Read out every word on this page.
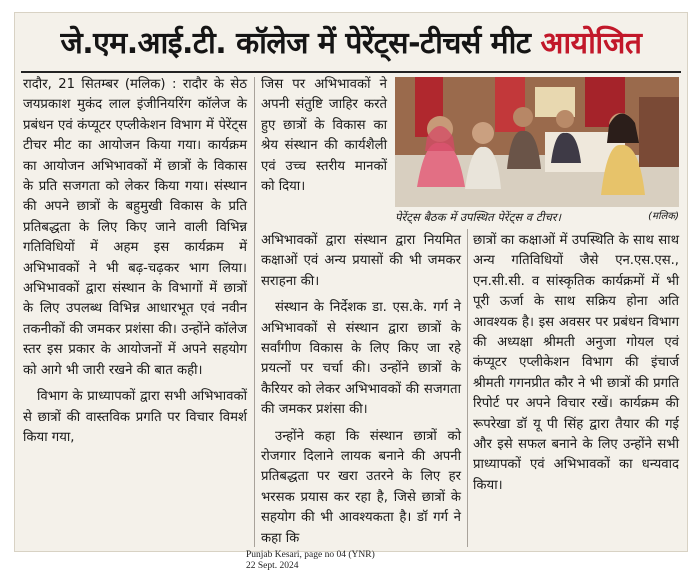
जे.एम.आई.टी. कॉलेज में पेरेंट्स-टीचर्स मीट आयोजित

रादौर, 21 सितम्बर (मलिक) : रादौर के सेठ जयप्रकाश मुकंद लाल इंजीनियरिंग कॉलेज के प्रबंधन एवं कंप्यूटर एप्लीकेशन विभाग में पेरेंट्स टीचर मीट का आयोजन किया गया। कार्यक्रम का आयोजन अभिभावकों में छात्रों के विकास के प्रति सजगता को लेकर किया गया। संस्थान की अपने छात्रों के बहुमुखी विकास के प्रति प्रतिबद्धता के लिए किए जाने वाली विभिन्न गतिविधियों में अहम इस कार्यक्रम में अभिभावकों ने भी बढ़-चढ़कर भाग लिया। अभिभावकों द्वारा संस्थान के विभागों में छात्रों के लिए उपलब्ध विभिन्न आधारभूत एवं नवीन तकनीकों की जमकर प्रशंसा की। उन्होंने कॉलेज स्तर इस प्रकार के आयोजनों में अपने सहयोग को आगे भी जारी रखने की बात कही।

विभाग के प्राध्यापकों द्वारा सभी अभिभावकों से छात्रों की वास्तविक प्रगति पर विचार विमर्श किया गया,

जिस पर अभिभावकों ने अपनी संतुष्टि जाहिर करते हुए छात्रों के विकास का श्रेय संस्थान की कार्यशैली एवं उच्च स्तरीय मानकों को दिया।

पेरेंट्स बैठक में उपस्थित पेरेंट्स व टीचर।	(मलिक)

अभिभावकों द्वारा संस्थान द्वारा नियमित कक्षाओं एवं अन्य प्रयासों की भी जमकर सराहना की।

संस्थान के निर्देशक डा. एस.के. गर्ग ने अभिभावकों से संस्थान द्वारा छात्रों के सर्वांगीण विकास के लिए किए जा रहे प्रयत्नों पर चर्चा की। उन्होंने छात्रों के कैरियर को लेकर अभिभावकों की सजगता की जमकर प्रशंसा की।

उन्होंने कहा कि संस्थान छात्रों को रोजगार दिलाने लायक बनाने की अपनी प्रतिबद्धता पर खरा उतरने के लिए हर भरसक प्रयास कर रहा है, जिसे छात्रों के सहयोग की भी आवश्यकता है। डॉ गर्ग ने कहा कि

छात्रों का कक्षाओं में उपस्थिति के साथ साथ अन्य गतिविधियों जैसे एन.एस.एस., एन.सी.सी. व सांस्कृतिक कार्यक्रमों में भी पूरी ऊर्जा के साथ सक्रिय होना अति आवश्यक है। इस अवसर पर प्रबंधन विभाग की अध्यक्षा श्रीमती अनुजा गोयल एवं कंप्यूटर एप्लीकेशन विभाग की इंचार्ज श्रीमती गगनप्रीत कौर ने भी छात्रों की प्रगति रिपोर्ट पर अपने विचार रखें। कार्यक्रम की रूपरेखा डॉ यू पी सिंह द्वारा तैयार की गई और इसे सफल बनाने के लिए उन्होंने सभी प्राध्यापकों एवं अभिभावकों का धन्यवाद किया।

Punjab Kesari, page no 04 (YNR)
22 Sept. 2024
